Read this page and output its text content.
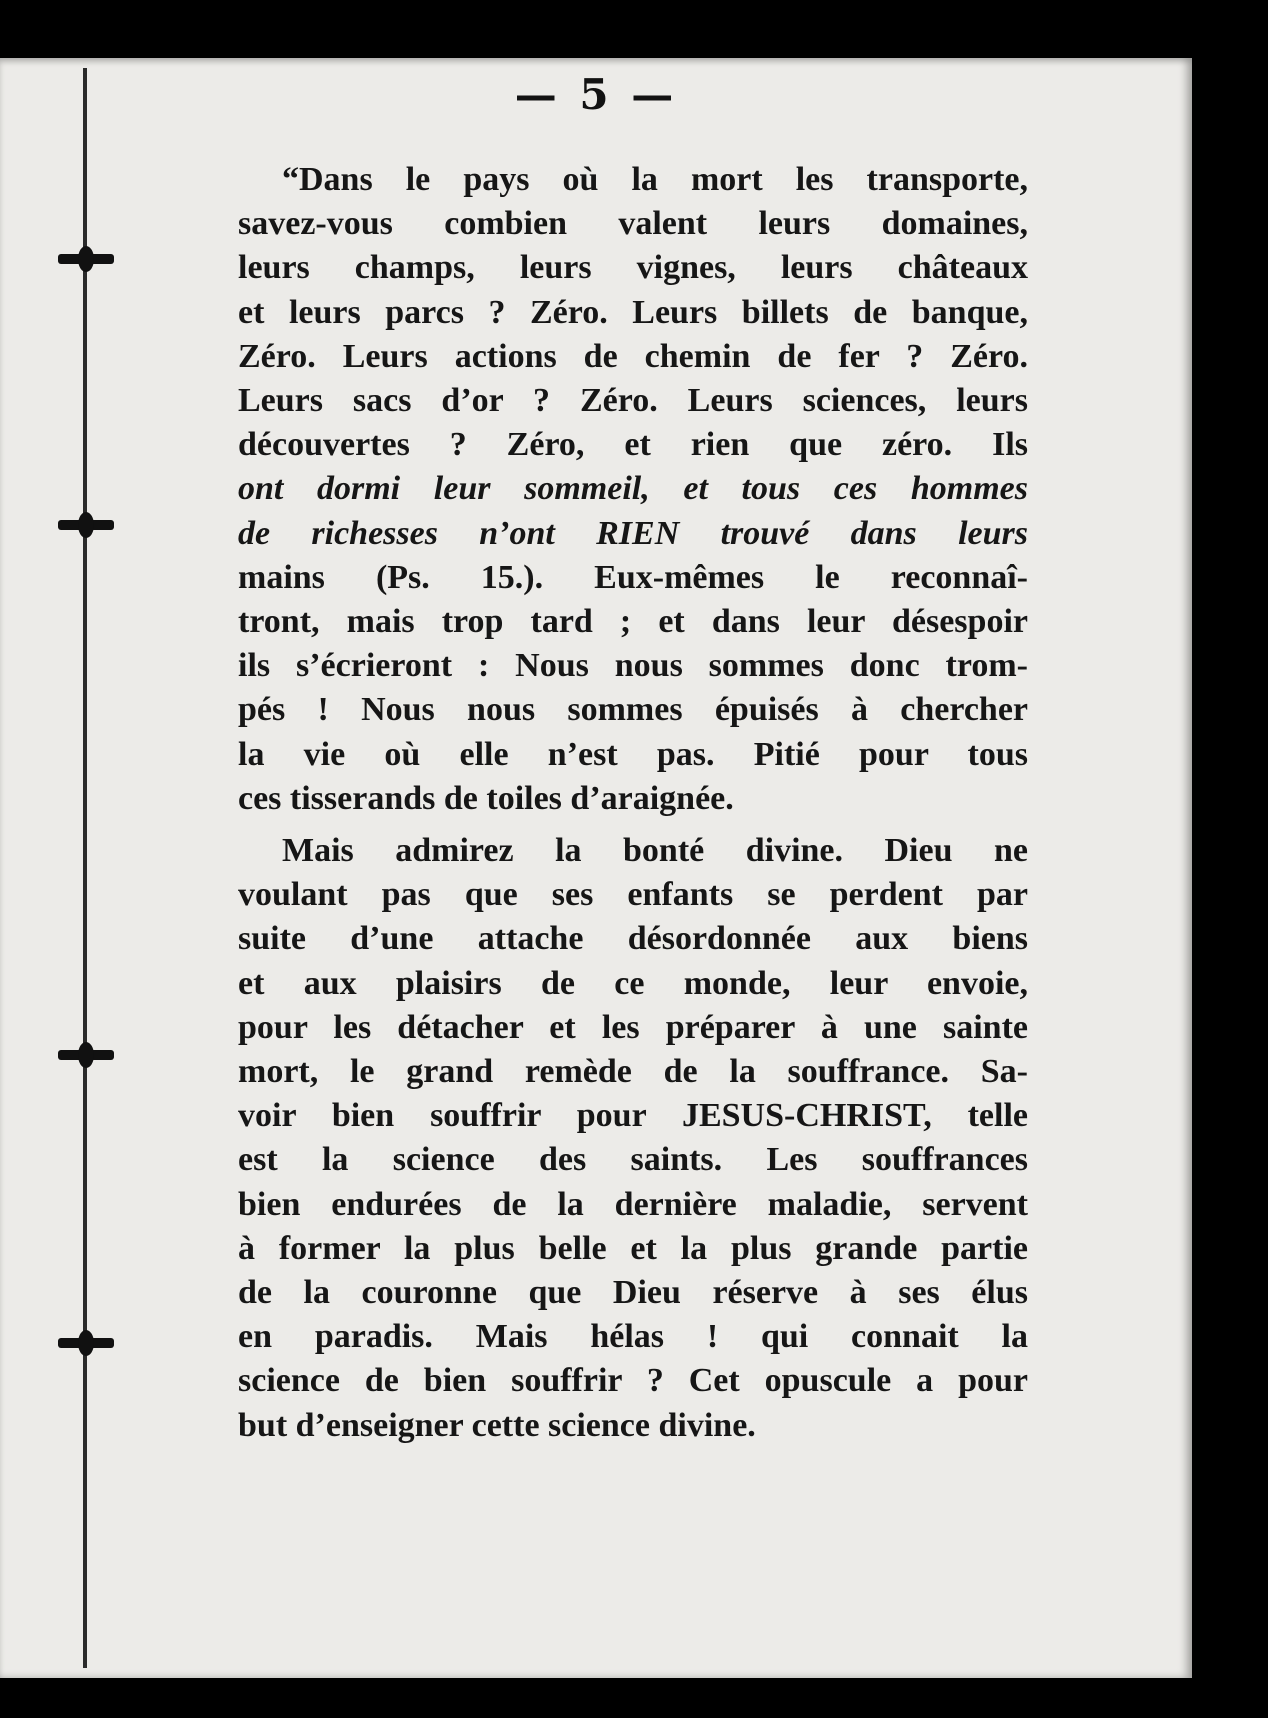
— 5 —
“Dans le pays où la mort les transporte,
savez-vous combien valent leurs domaines,
leurs champs, leurs vignes, leurs châteaux
et leurs parcs ? Zéro. Leurs billets de banque,
Zéro. Leurs actions de chemin de fer ? Zéro.
Leurs sacs d’or ? Zéro. Leurs sciences, leurs
découvertes ? Zéro, et rien que zéro. Ils
ont dormi leur sommeil, et tous ces hommes
de richesses n’ont RIEN trouvé dans leurs
mains (Ps. 15.). Eux-mêmes le reconnaî-
tront, mais trop tard ; et dans leur désespoir
ils s’écrieront : Nous nous sommes donc trom-
pés ! Nous nous sommes épuisés à chercher
la vie où elle n’est pas. Pitié pour tous
ces tisserands de toiles d’araignée.
Mais admirez la bonté divine. Dieu ne
voulant pas que ses enfants se perdent par
suite d’une attache désordonnée aux biens
et aux plaisirs de ce monde, leur envoie,
pour les détacher et les préparer à une sainte
mort, le grand remède de la souffrance. Sa-
voir bien souffrir pour JESUS-CHRIST, telle
est la science des saints. Les souffrances
bien endurées de la dernière maladie, servent
à former la plus belle et la plus grande partie
de la couronne que Dieu réserve à ses élus
en paradis. Mais hélas ! qui connait la
science de bien souffrir ? Cet opuscule a pour
but d’enseigner cette science divine.
